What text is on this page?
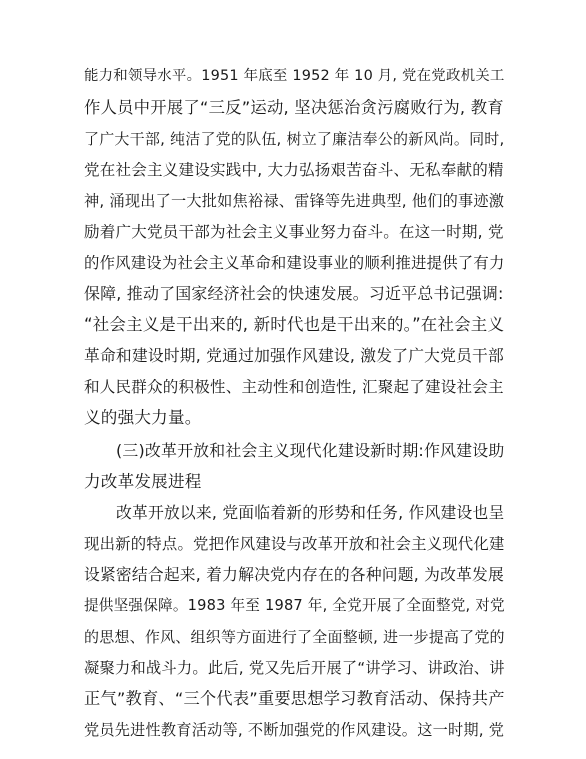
能力和领导水平。1951 年底至 1952 年 10 月, 党在党政机关工
作人员中开展了“三反”运动, 坚决惩治贪污腐败行为, 教育
了广大干部, 纯洁了党的队伍, 树立了廉洁奉公的新风尚。同时,
党在社会主义建设实践中, 大力弘扬艰苦奋斗、无私奉献的精
神, 涌现出了一大批如焦裕禄、雷锋等先进典型, 他们的事迹激
励着广大党员干部为社会主义事业努力奋斗。在这一时期, 党
的作风建设为社会主义革命和建设事业的顺利推进提供了有力
保障, 推动了国家经济社会的快速发展。习近平总书记强调:
“社会主义是干出来的, 新时代也是干出来的。”在社会主义
革命和建设时期, 党通过加强作风建设, 激发了广大党员干部
和人民群众的积极性、主动性和创造性, 汇聚起了建设社会主
义的强大力量。
(三)改革开放和社会主义现代化建设新时期:作风建设助
力改革发展进程
改革开放以来, 党面临着新的形势和任务, 作风建设也呈
现出新的特点。党把作风建设与改革开放和社会主义现代化建
设紧密结合起来, 着力解决党内存在的各种问题, 为改革发展
提供坚强保障。1983 年至 1987 年, 全党开展了全面整党, 对党
的思想、作风、组织等方面进行了全面整顿, 进一步提高了党的
凝聚力和战斗力。此后, 党又先后开展了“讲学习、讲政治、讲
正气”教育、“三个代表”重要思想学习教育活动、保持共产
党员先进性教育活动等, 不断加强党的作风建设。这一时期, 党
